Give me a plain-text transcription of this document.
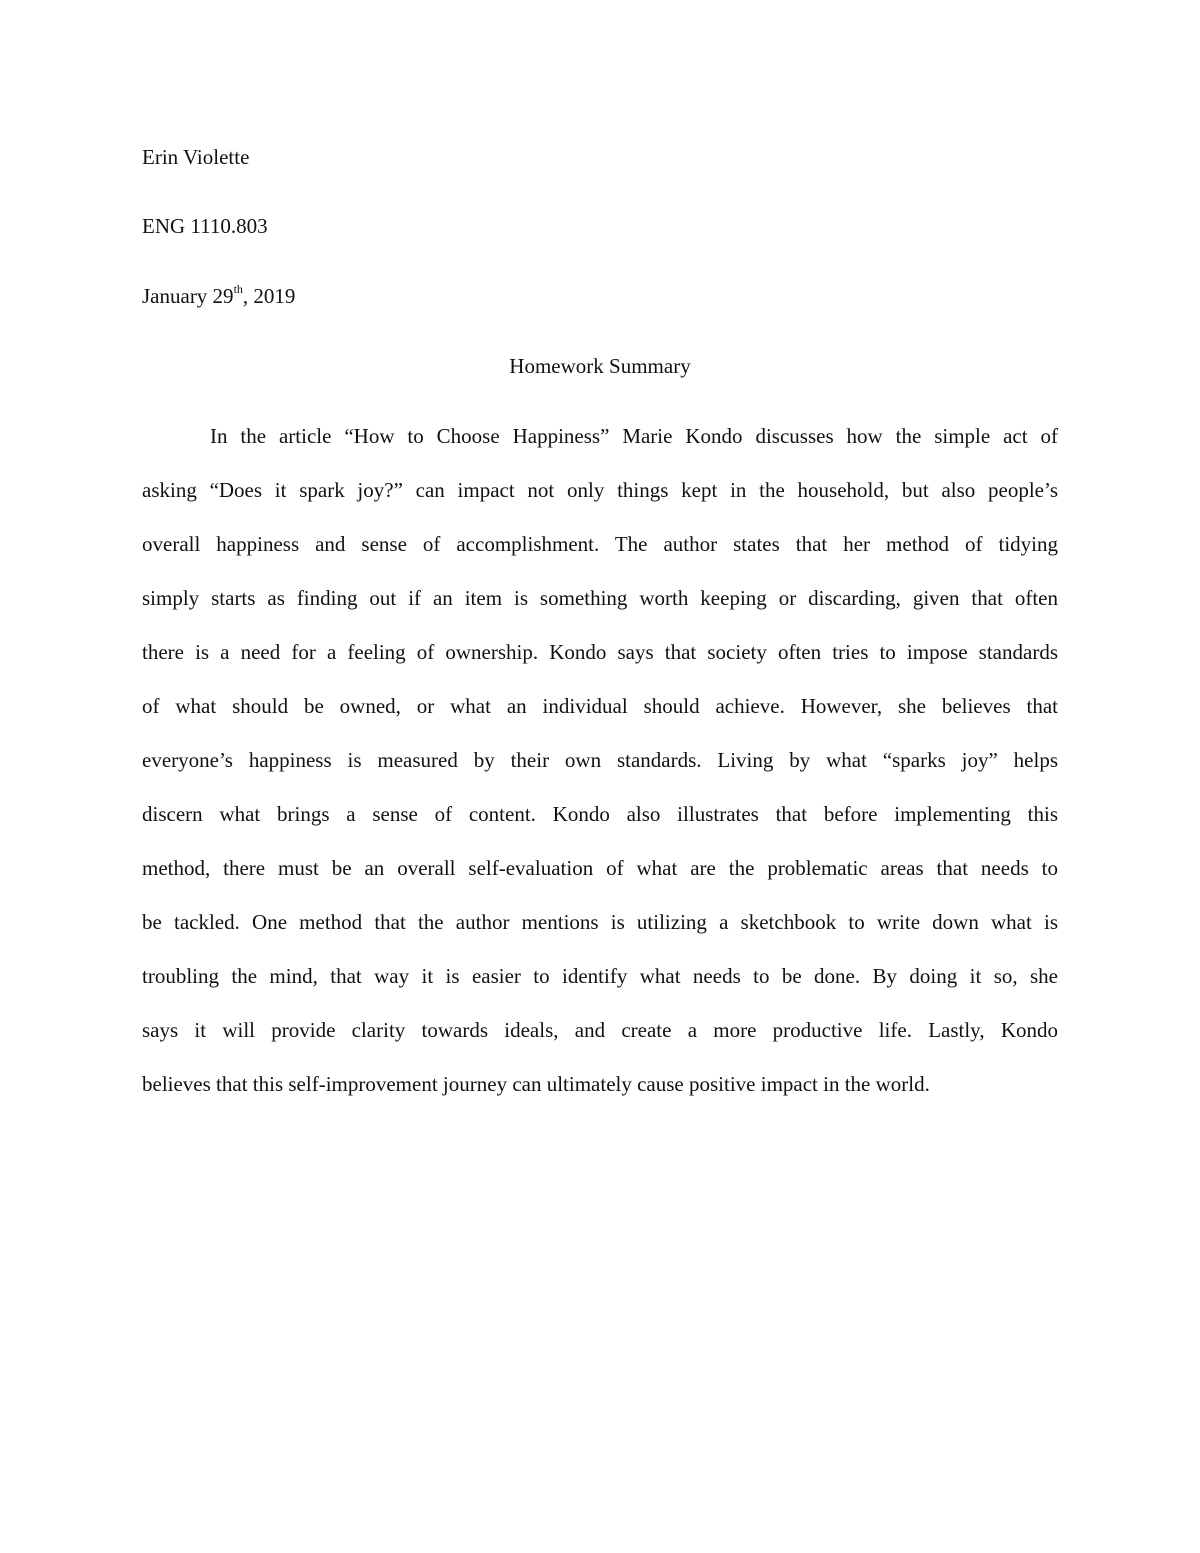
Erin Violette

ENG 1110.803

January 29th, 2019

Homework Summary

In the article “How to Choose Happiness” Marie Kondo discusses how the simple act of

asking “Does it spark joy?” can impact not only things kept in the household, but also people’s

overall happiness and sense of accomplishment. The author states that her method of tidying

simply starts as finding out if an item is something worth keeping or discarding, given that often

there is a need for a feeling of ownership. Kondo says that society often tries to impose standards

of what should be owned, or what an individual should achieve. However, she believes that

everyone’s happiness is measured by their own standards. Living by what “sparks joy” helps

discern what brings a sense of content. Kondo also illustrates that before implementing this

method, there must be an overall self-evaluation of what are the problematic areas that needs to

be tackled. One method that the author mentions is utilizing a sketchbook to write down what is

troubling the mind, that way it is easier to identify what needs to be done. By doing it so, she

says it will provide clarity towards ideals, and create a more productive life. Lastly, Kondo

believes that this self-improvement journey can ultimately cause positive impact in the world.
